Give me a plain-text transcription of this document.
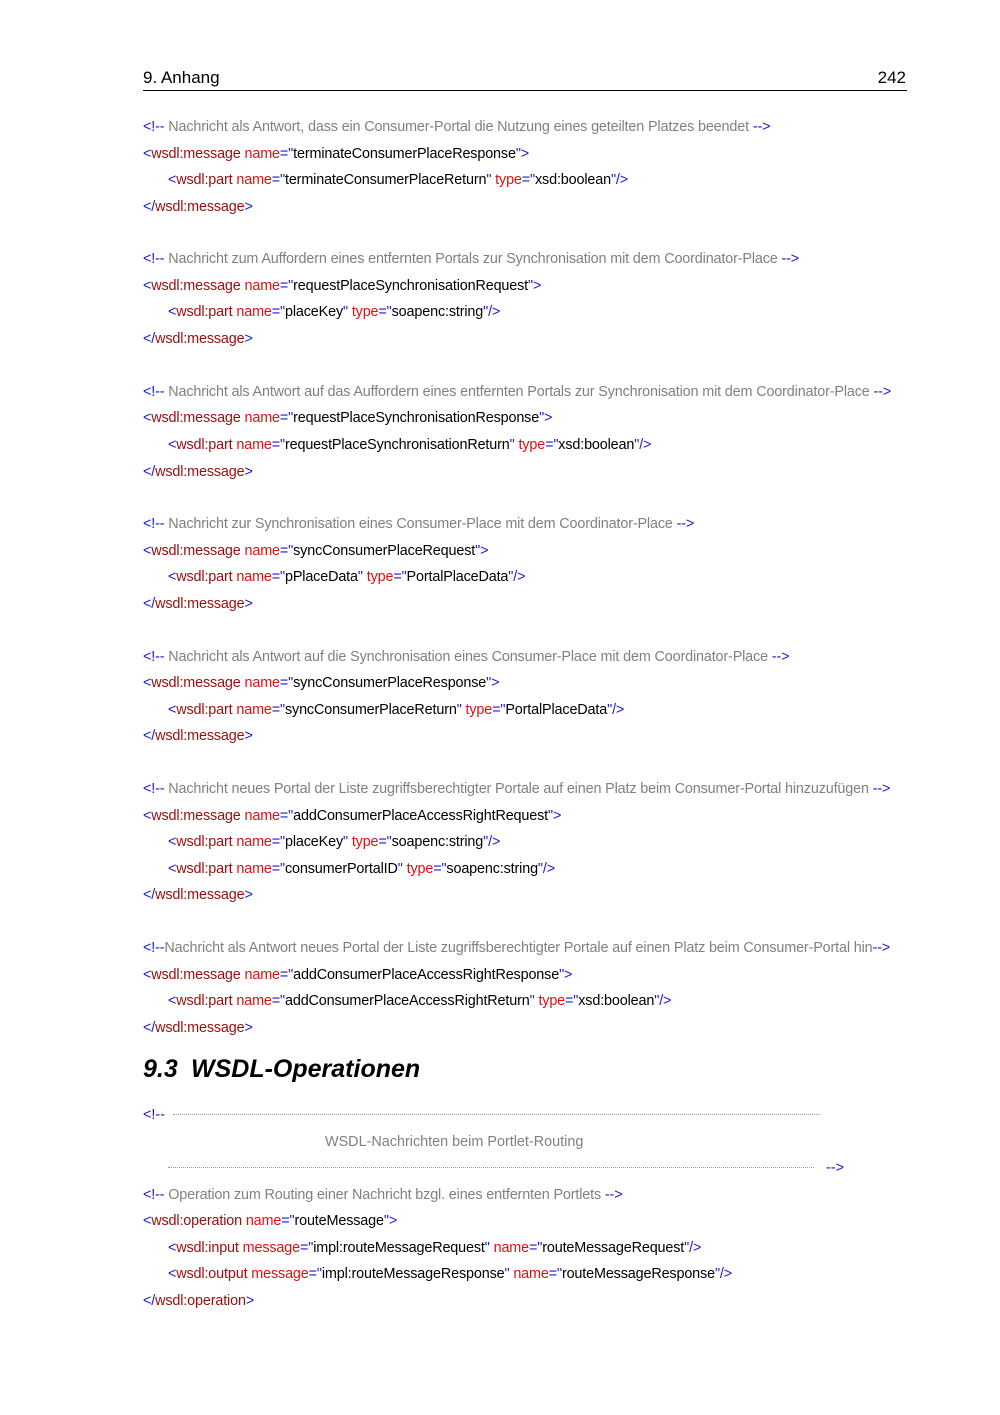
9. Anhang	242
<!-- Nachricht als Antwort, dass ein Consumer-Portal die Nutzung eines geteilten Platzes beendet -->
<wsdl:message name="terminateConsumerPlaceResponse">
<wsdl:part name="terminateConsumerPlaceReturn" type="xsd:boolean"/>
</wsdl:message>
<!-- Nachricht zum Auffordern eines entfernten Portals zur Synchronisation mit dem Coordinator-Place -->
<wsdl:message name="requestPlaceSynchronisationRequest">
<wsdl:part name="placeKey" type="soapenc:string"/>
</wsdl:message>
<!-- Nachricht als Antwort auf das Auffordern eines entfernten Portals zur Synchronisation mit dem Coordinator-Place -->
<wsdl:message name="requestPlaceSynchronisationResponse">
<wsdl:part name="requestPlaceSynchronisationReturn" type="xsd:boolean"/>
</wsdl:message>
<!-- Nachricht zur Synchronisation eines Consumer-Place mit dem Coordinator-Place -->
<wsdl:message name="syncConsumerPlaceRequest">
<wsdl:part name="pPlaceData" type="PortalPlaceData"/>
</wsdl:message>
<!-- Nachricht als Antwort auf die Synchronisation eines Consumer-Place mit dem Coordinator-Place -->
<wsdl:message name="syncConsumerPlaceResponse">
<wsdl:part name="syncConsumerPlaceReturn" type="PortalPlaceData"/>
</wsdl:message>
<!-- Nachricht neues Portal der Liste zugriffsberechtigter Portale auf einen Platz beim Consumer-Portal hinzuzufügen -->
<wsdl:message name="addConsumerPlaceAccessRightRequest">
<wsdl:part name="placeKey" type="soapenc:string"/>
<wsdl:part name="consumerPortalID" type="soapenc:string"/>
</wsdl:message>
<!--Nachricht als Antwort neues Portal der Liste zugriffsberechtigter Portale auf einen Platz beim Consumer-Portal hin-->
<wsdl:message name="addConsumerPlaceAccessRightResponse">
<wsdl:part name="addConsumerPlaceAccessRightReturn" type="xsd:boolean"/>
</wsdl:message>
9.3 WSDL-Operationen
<!--
WSDL-Nachrichten beim Portlet-Routing
-->
<!-- Operation zum Routing einer Nachricht bzgl. eines entfernten Portlets -->
<wsdl:operation name="routeMessage">
<wsdl:input message="impl:routeMessageRequest" name="routeMessageRequest"/>
<wsdl:output message="impl:routeMessageResponse" name="routeMessageResponse"/>
</wsdl:operation>
